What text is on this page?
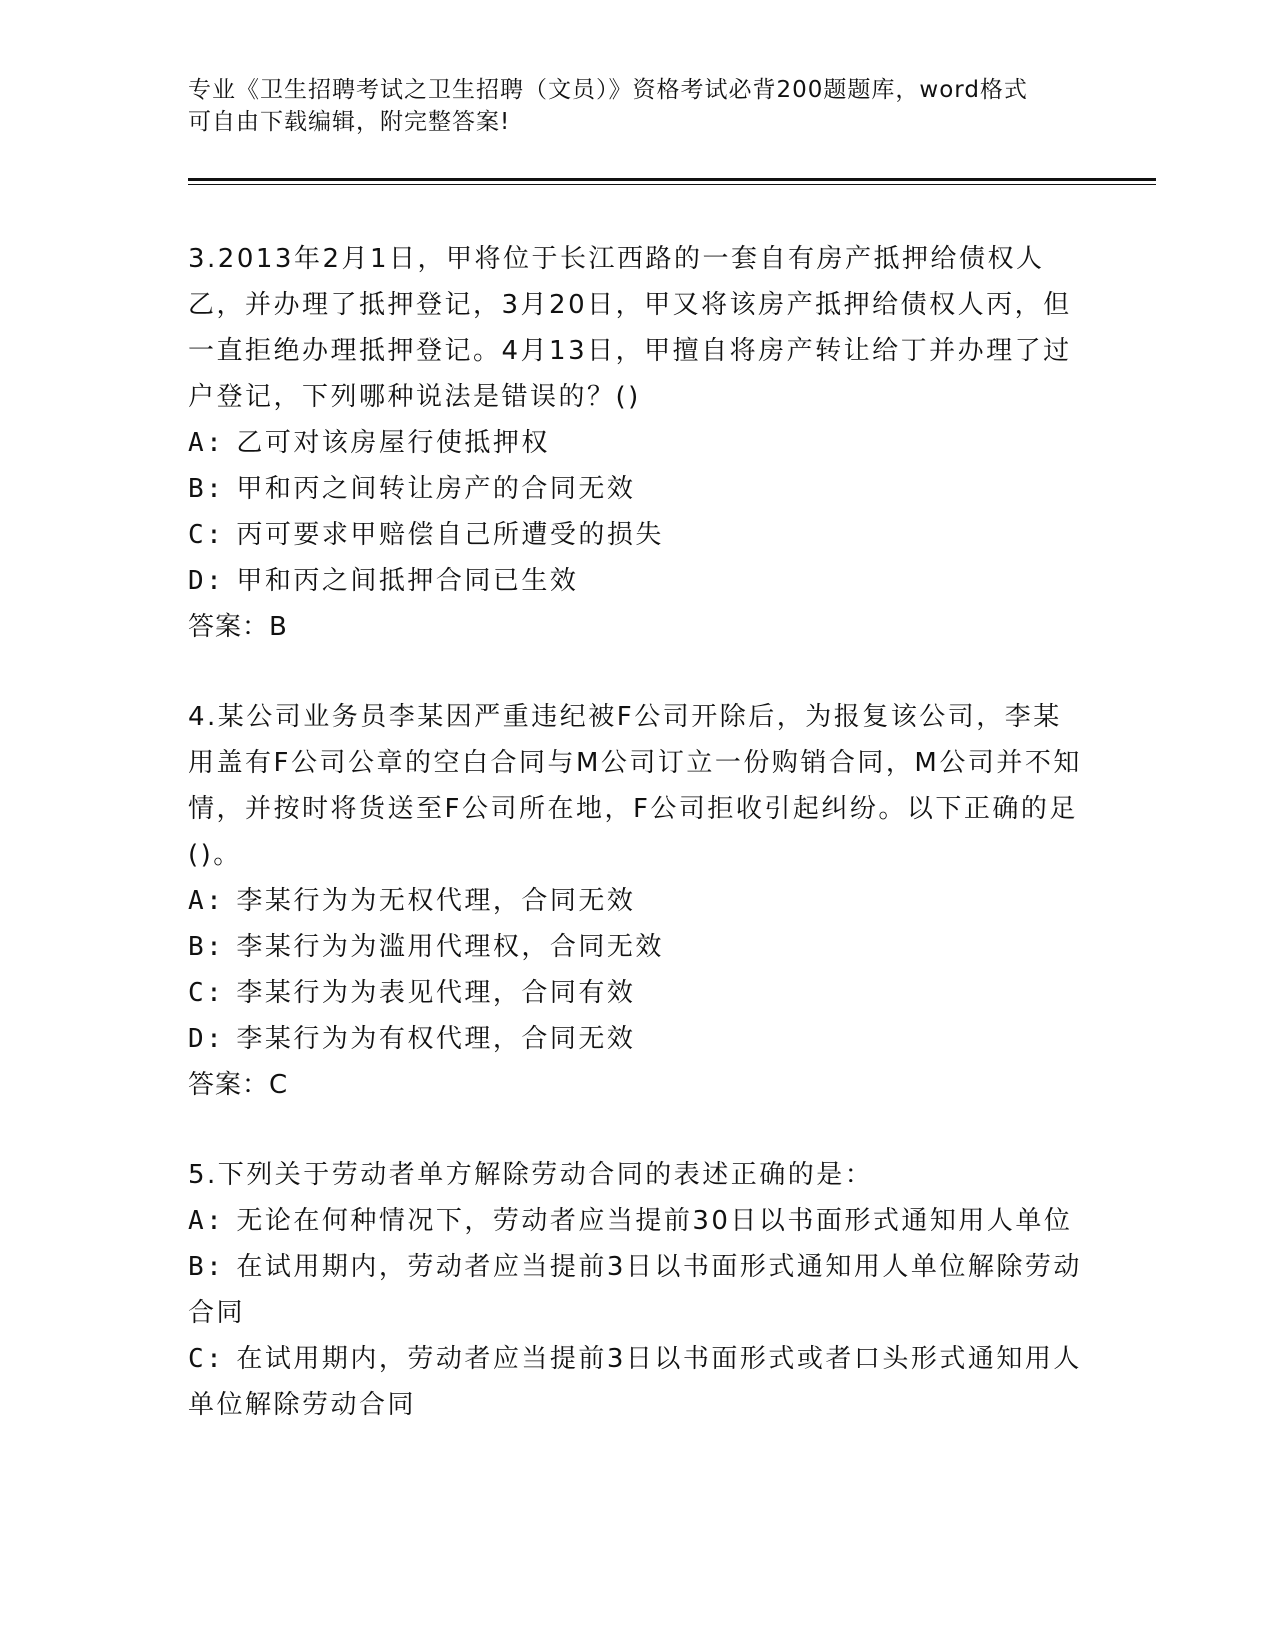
专业《卫生招聘考试之卫生招聘（文员）》资格考试必背200题题库，word格式
可自由下载编辑，附完整答案!

3.2013年2月1日，甲将位于长江西路的一套自有房产抵押给债权人乙，并办理了抵押登记，3月20日，甲又将该房产抵押给债权人丙，但一直拒绝办理抵押登记。4月13日，甲擅自将房产转让给丁并办理了过户登记，下列哪种说法是错误的？()

A: 乙可对该房屋行使抵押权

B: 甲和丙之间转让房产的合同无效

C: 丙可要求甲赔偿自己所遭受的损失

D: 甲和丙之间抵押合同已生效

答案：B

4.某公司业务员李某因严重违纪被F公司开除后，为报复该公司，李某用盖有F公司公章的空白合同与M公司订立一份购销合同，M公司并不知情，并按时将货送至F公司所在地，F公司拒收引起纠纷。以下正确的足()。

A: 李某行为为无权代理，合同无效

B: 李某行为为滥用代理权，合同无效

C: 李某行为为表见代理，合同有效

D: 李某行为为有权代理，合同无效

答案：C

5.下列关于劳动者单方解除劳动合同的表述正确的是：

A: 无论在何种情况下，劳动者应当提前30日以书面形式通知用人单位

B: 在试用期内，劳动者应当提前3日以书面形式通知用人单位解除劳动合同

C: 在试用期内，劳动者应当提前3日以书面形式或者口头形式通知用人单位解除劳动合同
